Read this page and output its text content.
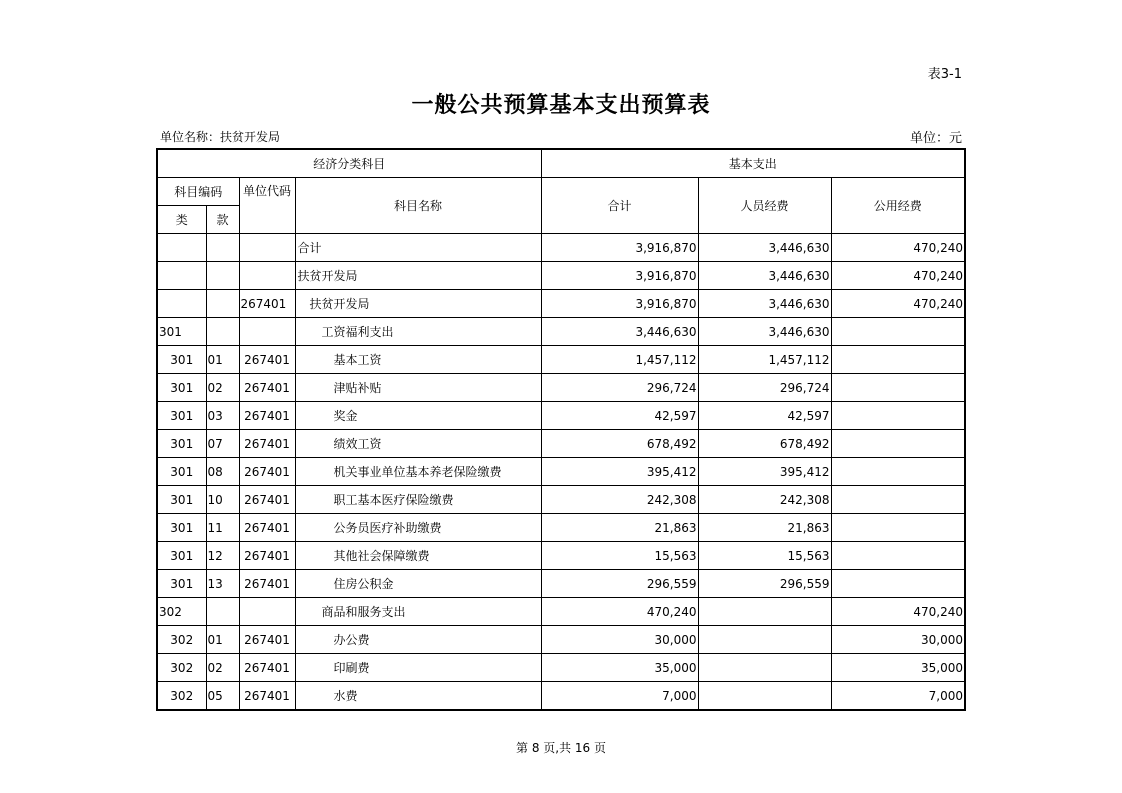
表3-1
一般公共预算基本支出预算表
单位名称：扶贫开发局	单位：元
经济分类科目				基本支出		
科目编码		单位代码	科目名称	合计	人员经费	公用经费
类	款					
			合计	3,916,870	3,446,630	470,240
			扶贫开发局	3,916,870	3,446,630	470,240
		267401	扶贫开发局	3,916,870	3,446,630	470,240
301			工资福利支出	3,446,630	3,446,630	
301	01	267401	基本工资	1,457,112	1,457,112	
301	02	267401	津贴补贴	296,724	296,724	
301	03	267401	奖金	42,597	42,597	
301	07	267401	绩效工资	678,492	678,492	
301	08	267401	机关事业单位基本养老保险缴费	395,412	395,412	
301	10	267401	职工基本医疗保险缴费	242,308	242,308	
301	11	267401	公务员医疗补助缴费	21,863	21,863	
301	12	267401	其他社会保障缴费	15,563	15,563	
301	13	267401	住房公积金	296,559	296,559	
302			商品和服务支出	470,240		470,240
302	01	267401	办公费	30,000		30,000
302	02	267401	印刷费	35,000		35,000
302	05	267401	水费	7,000		7,000
第 8 页,共 16 页
